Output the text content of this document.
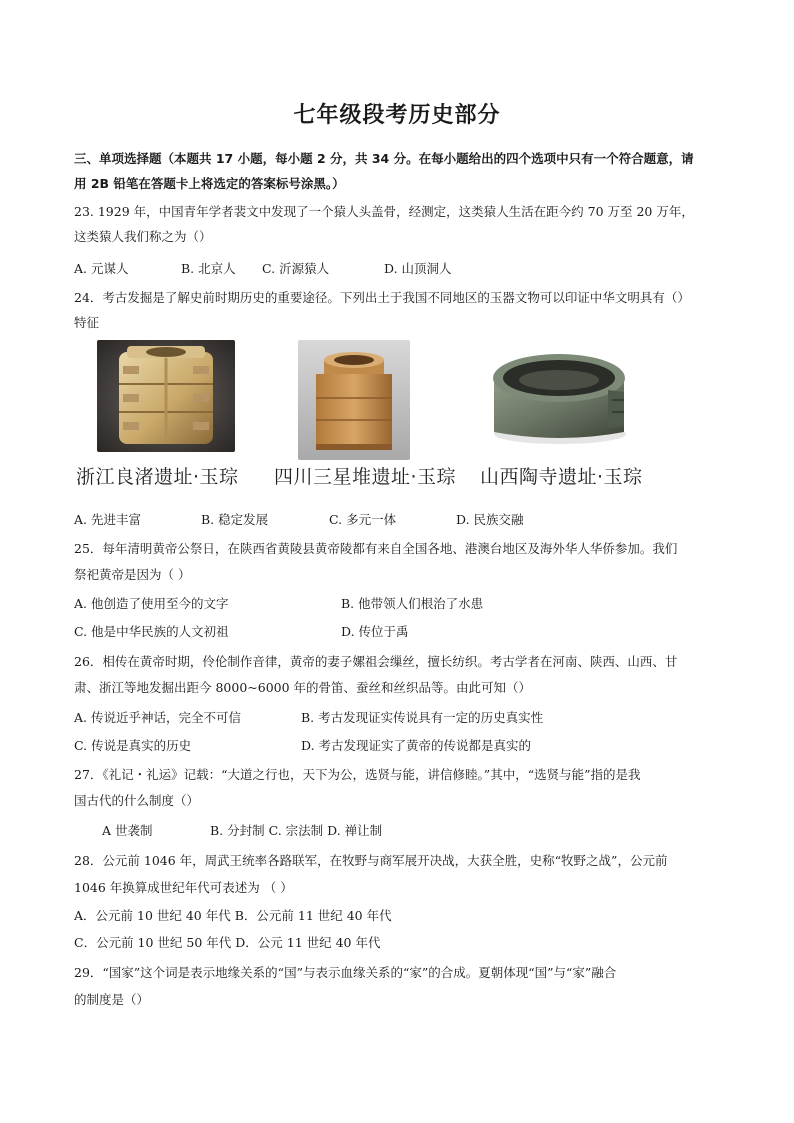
七年级段考历史部分
三、单项选择题（本题共 17 小题，每小题 2 分，共 34 分。在每小题给出的四个选项中只有一个符合题意，请
用 2B 铅笔在答题卡上将选定的答案标号涂黑。）
23. 1929 年，中国青年学者裴文中发现了一个猿人头盖骨，经测定，这类猿人生活在距今约 70 万至 20 万年，
这类猿人我们称之为（）
A. 元谋人	B. 北京人 C. 沂源猿人	D. 山顶洞人
24．考古发掘是了解史前时期历史的重要途径。下列出土于我国不同地区的玉器文物可以印证中华文明具有（）
特征
浙江良渚遗址·玉琮 四川三星堆遗址·玉琮 山西陶寺遗址·玉琮
A. 先进丰富	B. 稳定发展	C. 多元一体	D. 民族交融
25．每年清明黄帝公祭日，在陕西省黄陵县黄帝陵都有来自全国各地、港澳台地区及海外华人华侨参加。我们
祭祀黄帝是因为（ ）
A. 他创造了使用至今的文字	B. 他带领人们根治了水患
C. 他是中华民族的人文初祖	D. 传位于禹
26．相传在黄帝时期，伶伦制作音律，黄帝的妻子嫘祖会缫丝，擅长纺织。考古学者在河南、陕西、山西、甘
肃、浙江等地发掘出距今 8000~6000 年的骨笛、蚕丝和丝织品等。由此可知（）
A. 传说近乎神话，完全不可信	B. 考古发现证实传说具有一定的历史真实性
C. 传说是真实的历史	D. 考古发现证实了黄帝的传说都是真实的
27．《礼记・礼运》记载：“大道之行也，天下为公，选贤与能，讲信修睦。”其中，“选贤与能”指的是我
国古代的什么制度（）
A 世袭制	B. 分封制 C. 宗法制 D. 禅让制
28．公元前 1046 年，周武王统率各路联军，在牧野与商军展开决战，大获全胜，史称“牧野之战”，公元前
1046 年换算成世纪年代可表述为 （ ）
A．公元前 10 世纪 40 年代 B．公元前 11 世纪 40 年代
C．公元前 10 世纪 50 年代 D．公元 11 世纪 40 年代
29．“国家”这个词是表示地缘关系的“国”与表示血缘关系的“家”的合成。夏朝体现“国”与“家”融合
的制度是（）
